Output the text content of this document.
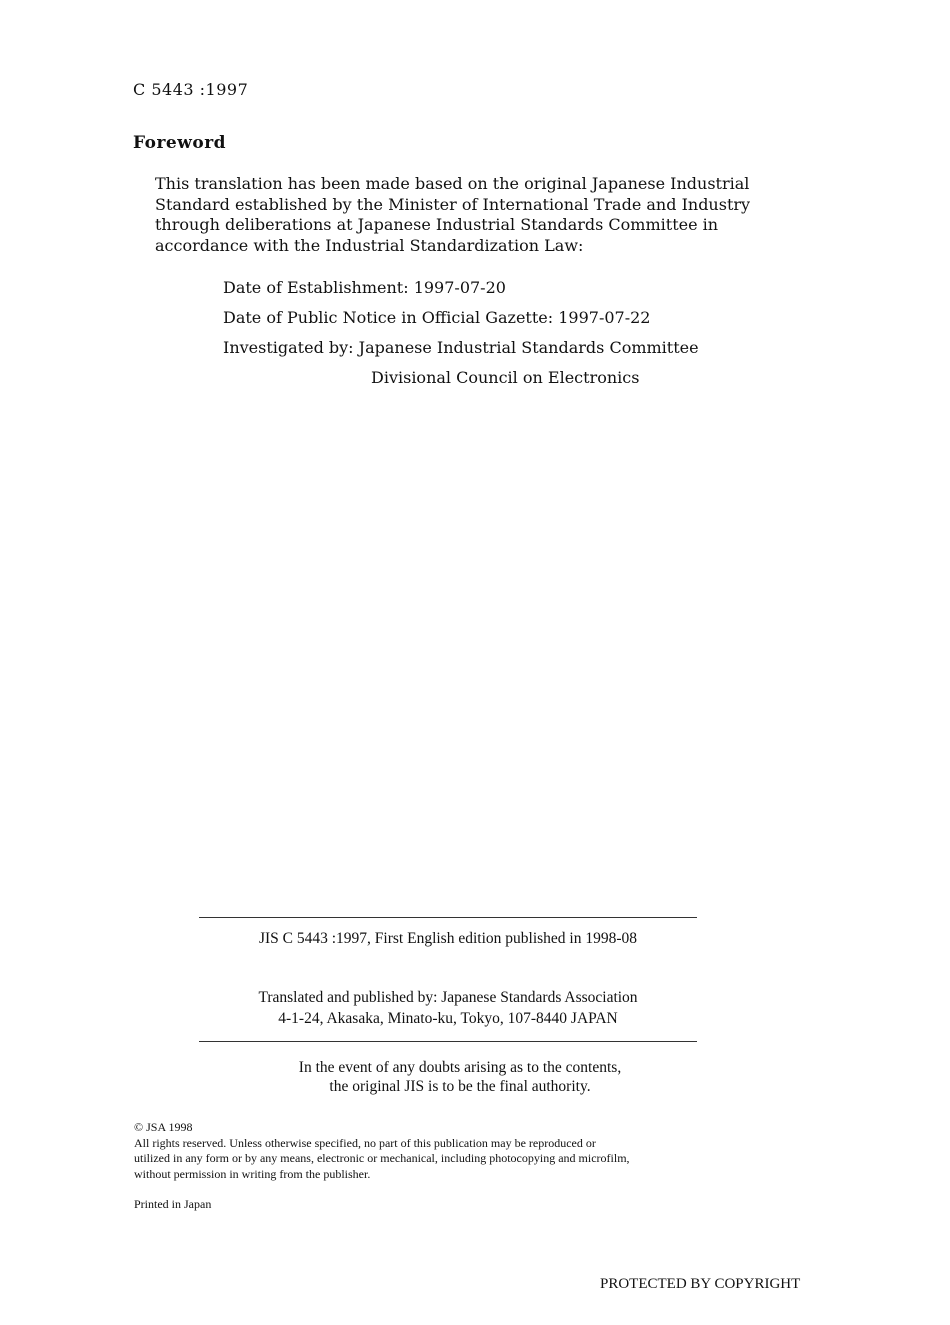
C 5443 :1997

Foreword

This translation has been made based on the original Japanese Industrial
Standard established by the Minister of International Trade and Industry
through deliberations at Japanese Industrial Standards Committee in
accordance with the Industrial Standardization Law:

Date of Establishment: 1997-07-20

Date of Public Notice in Official Gazette: 1997-07-22

Investigated by: Japanese Industrial Standards Committee

Divisional Council on Electronics

JIS C 5443 :1997, First English edition published in 1998-08

Translated and published by: Japanese Standards Association

4-1-24, Akasaka, Minato-ku, Tokyo, 107-8440 JAPAN

In the event of any doubts arising as to the contents,

the original JIS is to be the final authority.

© JSA 1998
All rights reserved. Unless otherwise specified, no part of this publication may be reproduced or
utilized in any form or by any means, electronic or mechanical, including photocopying and microfilm,
without permission in writing from the publisher.

Printed in Japan

PROTECTED BY COPYRIGHT
